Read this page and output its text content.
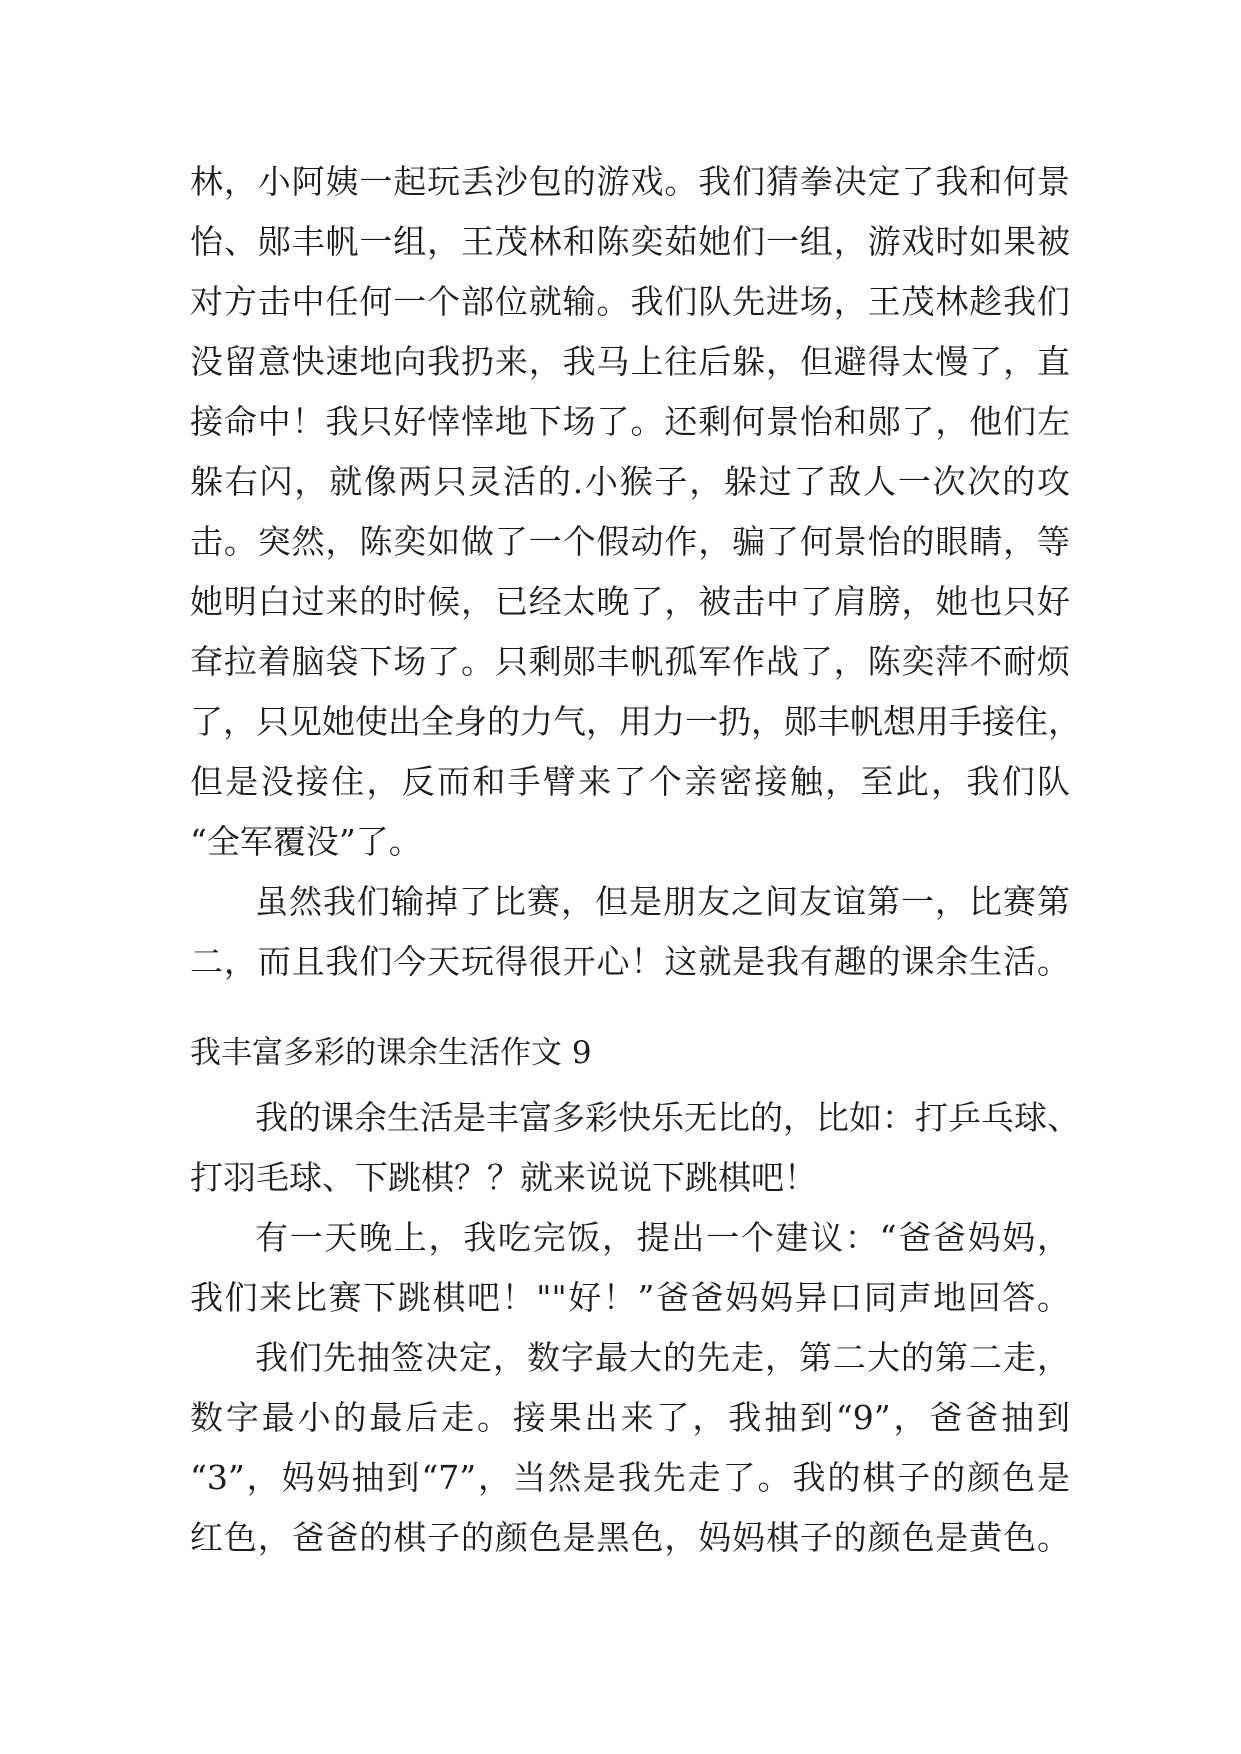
林，小阿姨一起玩丢沙包的游戏。我们猜拳决定了我和何景
怡、郧丰帆一组，王茂林和陈奕茹她们一组，游戏时如果被
对方击中任何一个部位就输。我们队先进场，王茂林趁我们
没留意快速地向我扔来，我马上往后躲，但避得太慢了，直
接命中！我只好悻悻地下场了。还剩何景怡和郧了，他们左
躲右闪，就像两只灵活的.小猴子，躲过了敌人一次次的攻
击。突然，陈奕如做了一个假动作，骗了何景怡的眼睛，等
她明白过来的时候，已经太晚了，被击中了肩膀，她也只好
耷拉着脑袋下场了。只剩郧丰帆孤军作战了，陈奕萍不耐烦
了，只见她使出全身的力气，用力一扔，郧丰帆想用手接住，
但是没接住，反而和手臂来了个亲密接触，至此，我们队
“全军覆没”了。
虽然我们输掉了比赛，但是朋友之间友谊第一，比赛第
二，而且我们今天玩得很开心！这就是我有趣的课余生活。
我丰富多彩的课余生活作文 9
我的课余生活是丰富多彩快乐无比的，比如：打乒乓球、
打羽毛球、下跳棋？？就来说说下跳棋吧！
有一天晚上，我吃完饭，提出一个建议：“爸爸妈妈，
我们来比赛下跳棋吧！""好！”爸爸妈妈异口同声地回答。
我们先抽签决定，数字最大的先走，第二大的第二走，
数字最小的最后走。接果出来了，我抽到“9”，爸爸抽到
“3”，妈妈抽到“7”，当然是我先走了。我的棋子的颜色是
红色，爸爸的棋子的颜色是黑色，妈妈棋子的颜色是黄色。
